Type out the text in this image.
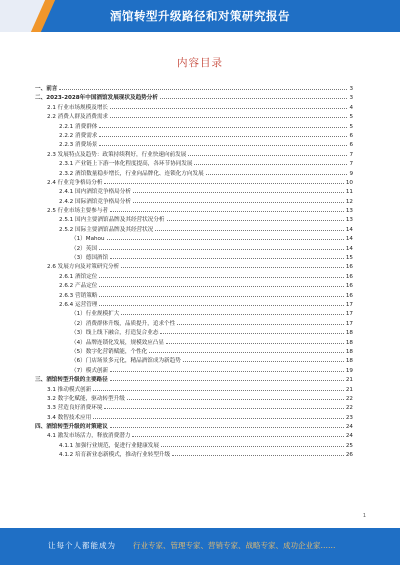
酒馆转型升级路径和对策研究报告
内容目录
一、前言	3
二、2023-2028年中国酒馆发展现状及趋势分析	3
2.1 行业市场规模及增长	4
2.2 消费人群及消费需求	5
2.2.1 消费群体	5
2.2.2 消费需求	6
2.2.3 消费场景	6
2.3 发展特点及趋势：政策持续利好，行业快速向前发展	7
2.3.1 产业链上下游一体化程度提高，各环节协同发展	7
2.3.2 酒馆数量稳步增长，行业向品牌化、连锁化方向发展	9
2.4 行业竞争格局分析	10
2.4.1 国内酒馆竞争格局分析	11
2.4.2 国际酒馆竞争格局分析	12
2.5 行业市场主要参与者	13
2.5.1 国内主要酒馆品牌及其经营状况分析	13
2.5.2 国际主要酒馆品牌及其经营状况	14
（1）Mahou	14
（2）英国	14
（3）德国酒馆	15
2.6 发展方向及对策研究分析	16
2.6.1 酒馆定位	16
2.6.2 产品定位	16
2.6.3 营销策略	16
2.6.4 运营管理	17
（1）行业规模扩大	17
（2）消费群体升级，品质提升，追求个性	17
（3）线上线下融合，打造复合业态	18
（4）品牌连锁化发展，规模效应凸显	18
（5）数字化营销赋能，个性化	18
（6）门店场景多元化，精品酒馆成为新趋势	18
（7）模式创新	19
三、酒馆转型升级的主要路径	21
3.1 推动模式创新	21
3.2 数字化赋能，驱动转型升级	22
3.3 营造良好消费环境	22
3.4 数智技术应用	23
四、酒馆转型升级的对策建议	24
4.1 激发市场活力，释放消费潜力	24
4.1.1 加强行业规范，促进行业健康发展	25
4.1.2 培育新业态新模式，推动行业转型升级	26
1
让每个人都能成为 行业专家、管理专家、营销专家、战略专家、成功企业家……
